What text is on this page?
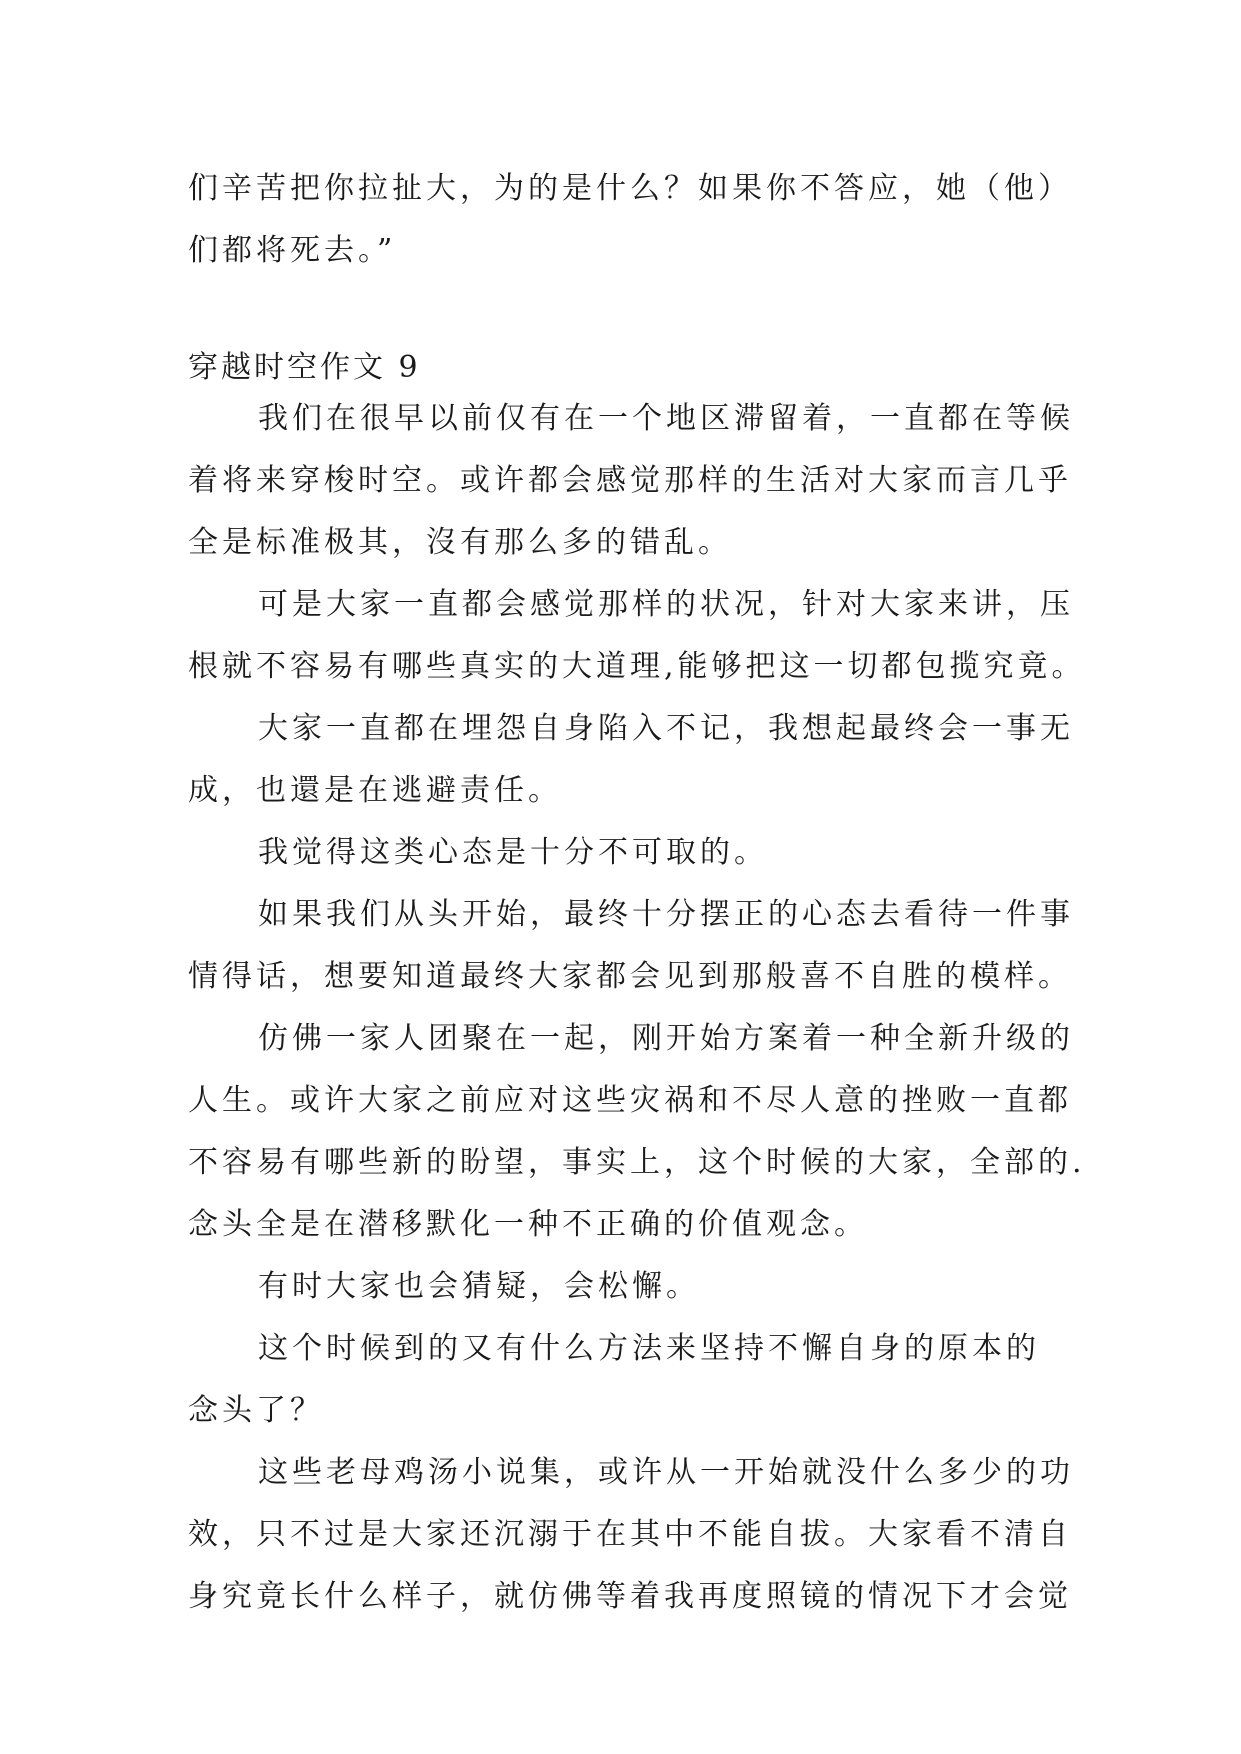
们辛苦把你拉扯大，为的是什么？如果你不答应，她（他）
们都将死去。”
穿越时空作文 9
我们在很早以前仅有在一个地区滞留着，一直都在等候
着将来穿梭时空。或许都会感觉那样的生活对大家而言几乎
全是标准极其，沒有那么多的错乱。
可是大家一直都会感觉那样的状况，针对大家来讲，压
根就不容易有哪些真实的大道理,能够把这一切都包揽究竟。
大家一直都在埋怨自身陷入不记，我想起最终会一事无
成，也還是在逃避责任。
我觉得这类心态是十分不可取的。
如果我们从头开始，最终十分摆正的心态去看待一件事
情得话，想要知道最终大家都会见到那般喜不自胜的模样。
仿佛一家人团聚在一起，刚开始方案着一种全新升级的
人生。或许大家之前应对这些灾祸和不尽人意的挫败一直都
不容易有哪些新的盼望，事实上，这个时候的大家，全部的.
念头全是在潜移默化一种不正确的价值观念。
有时大家也会猜疑，会松懈。
这个时候到的又有什么方法来坚持不懈自身的原本的
念头了？
这些老母鸡汤小说集，或许从一开始就没什么多少的功
效，只不过是大家还沉溺于在其中不能自拔。大家看不清自
身究竟长什么样子，就仿佛等着我再度照镜的情况下才会觉
